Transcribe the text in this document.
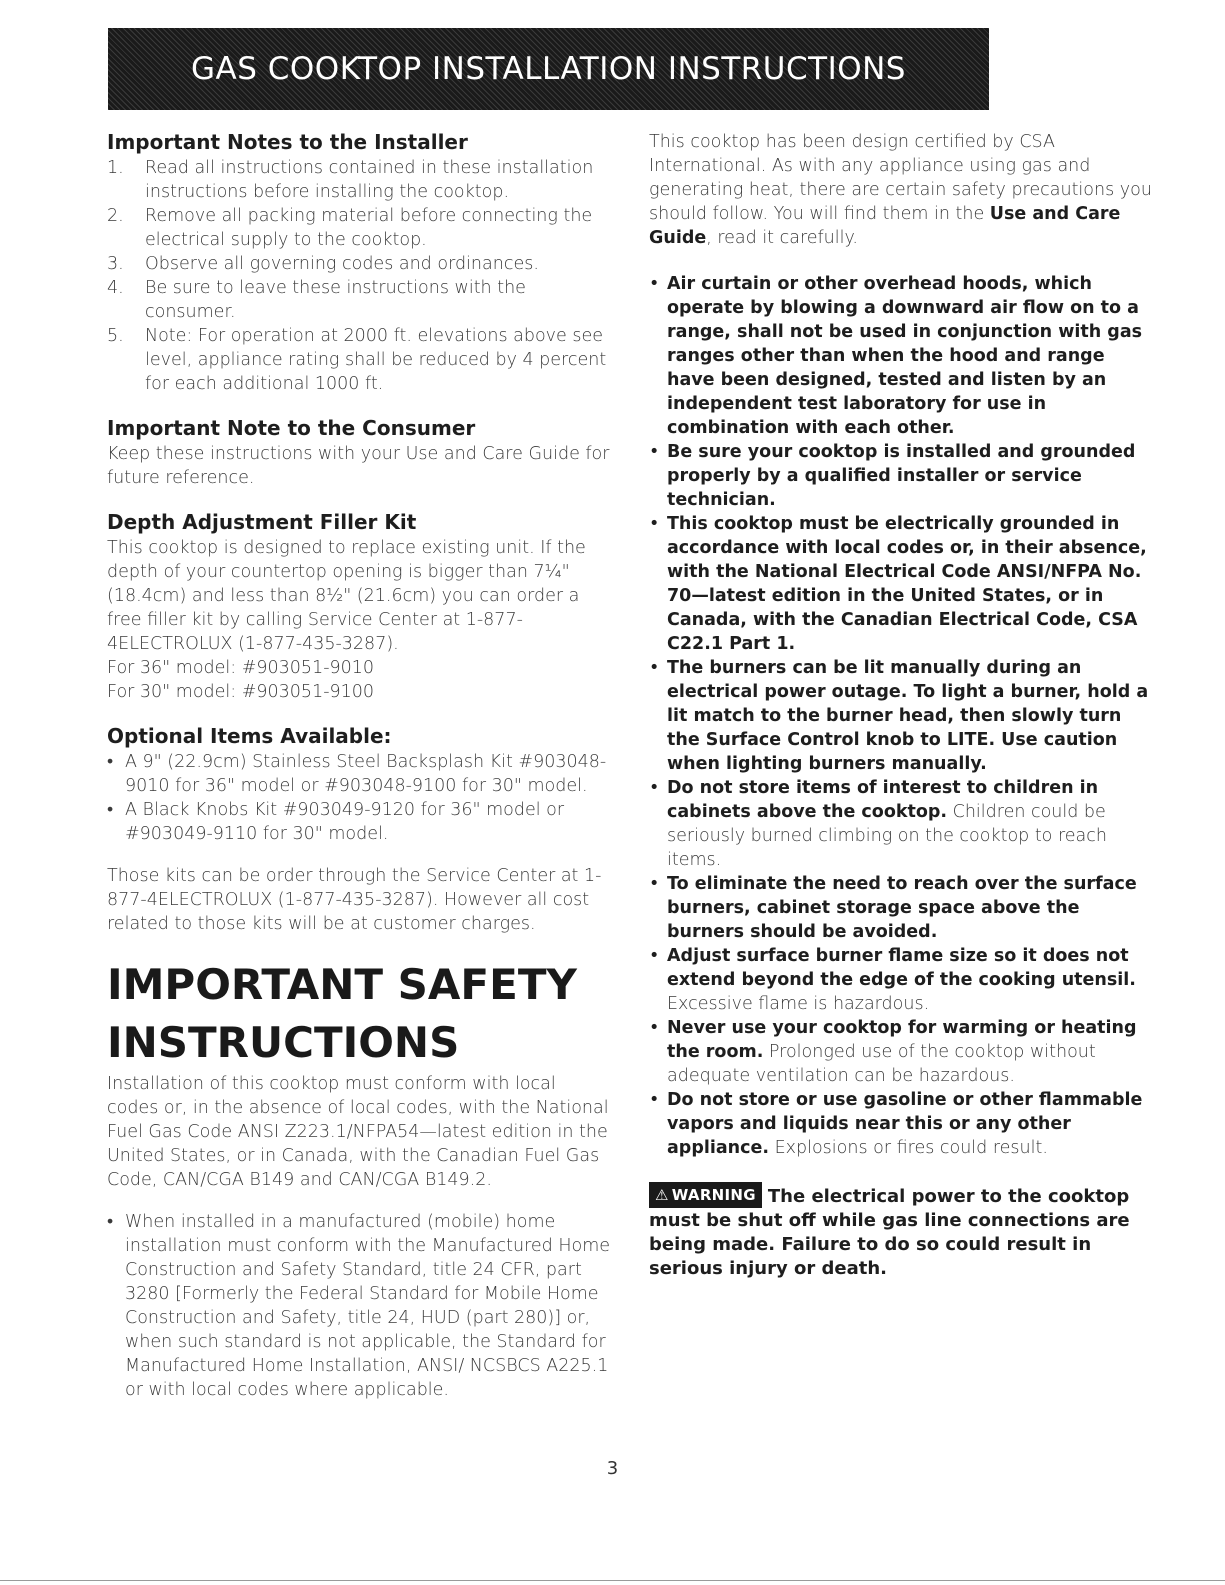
GAS COOKTOP INSTALLATION INSTRUCTIONS
Important Notes to the Installer
1. Read all instructions contained in these installation instructions before installing the cooktop.
2. Remove all packing material before connecting the electrical supply to the cooktop.
3. Observe all governing codes and ordinances.
4. Be sure to leave these instructions with the consumer.
5. Note: For operation at 2000 ft. elevations above see level, appliance rating shall be reduced by 4 percent for each additional 1000 ft.
Important Note to the Consumer
Keep these instructions with your Use and Care Guide for future reference.
Depth Adjustment Filler Kit
This cooktop is designed to replace existing unit. If the depth of your countertop opening is bigger than 7¼" (18.4cm) and less than 8½" (21.6cm) you can order a free filler kit by calling Service Center at 1-877-4ELECTROLUX (1-877-435-3287).
For 36" model: #903051-9010
For 30" model: #903051-9100
Optional Items Available:
• A 9" (22.9cm) Stainless Steel Backsplash Kit #903048-9010 for 36" model or #903048-9100 for 30" model.
• A Black Knobs Kit #903049-9120 for 36" model or #903049-9110 for 30" model.
Those kits can be order through the Service Center at 1-877-4ELECTROLUX (1-877-435-3287). However all cost related to those kits will be at customer charges.
IMPORTANT SAFETY
INSTRUCTIONS
Installation of this cooktop must conform with local codes or, in the absence of local codes, with the National Fuel Gas Code ANSI Z223.1/NFPA54—latest edition in the United States, or in Canada, with the Canadian Fuel Gas Code, CAN/CGA B149 and CAN/CGA B149.2.
• When installed in a manufactured (mobile) home installation must conform with the Manufactured Home Construction and Safety Standard, title 24 CFR, part 3280 [Formerly the Federal Standard for Mobile Home Construction and Safety, title 24, HUD (part 280)] or, when such standard is not applicable, the Standard for Manufactured Home Installation, ANSI/ NCSBCS A225.1 or with local codes where applicable.
This cooktop has been design certified by CSA International. As with any appliance using gas and generating heat, there are certain safety precautions you should follow. You will find them in the Use and Care Guide, read it carefully.
• Air curtain or other overhead hoods, which operate by blowing a downward air flow on to a range, shall not be used in conjunction with gas ranges other than when the hood and range have been designed, tested and listen by an independent test laboratory for use in combination with each other.
• Be sure your cooktop is installed and grounded properly by a qualified installer or service technician.
• This cooktop must be electrically grounded in accordance with local codes or, in their absence, with the National Electrical Code ANSI/NFPA No. 70—latest edition in the United States, or in Canada, with the Canadian Electrical Code, CSA C22.1 Part 1.
• The burners can be lit manually during an electrical power outage. To light a burner, hold a lit match to the burner head, then slowly turn the Surface Control knob to LITE. Use caution when lighting burners manually.
• Do not store items of interest to children in cabinets above the cooktop. Children could be seriously burned climbing on the cooktop to reach items.
• To eliminate the need to reach over the surface burners, cabinet storage space above the burners should be avoided.
• Adjust surface burner flame size so it does not extend beyond the edge of the cooking utensil. Excessive flame is hazardous.
• Never use your cooktop for warming or heating the room. Prolonged use of the cooktop without adequate ventilation can be hazardous.
• Do not store or use gasoline or other flammable vapors and liquids near this or any other appliance. Explosions or fires could result.
⚠ WARNING The electrical power to the cooktop must be shut off while gas line connections are being made. Failure to do so could result in serious injury or death.
3
